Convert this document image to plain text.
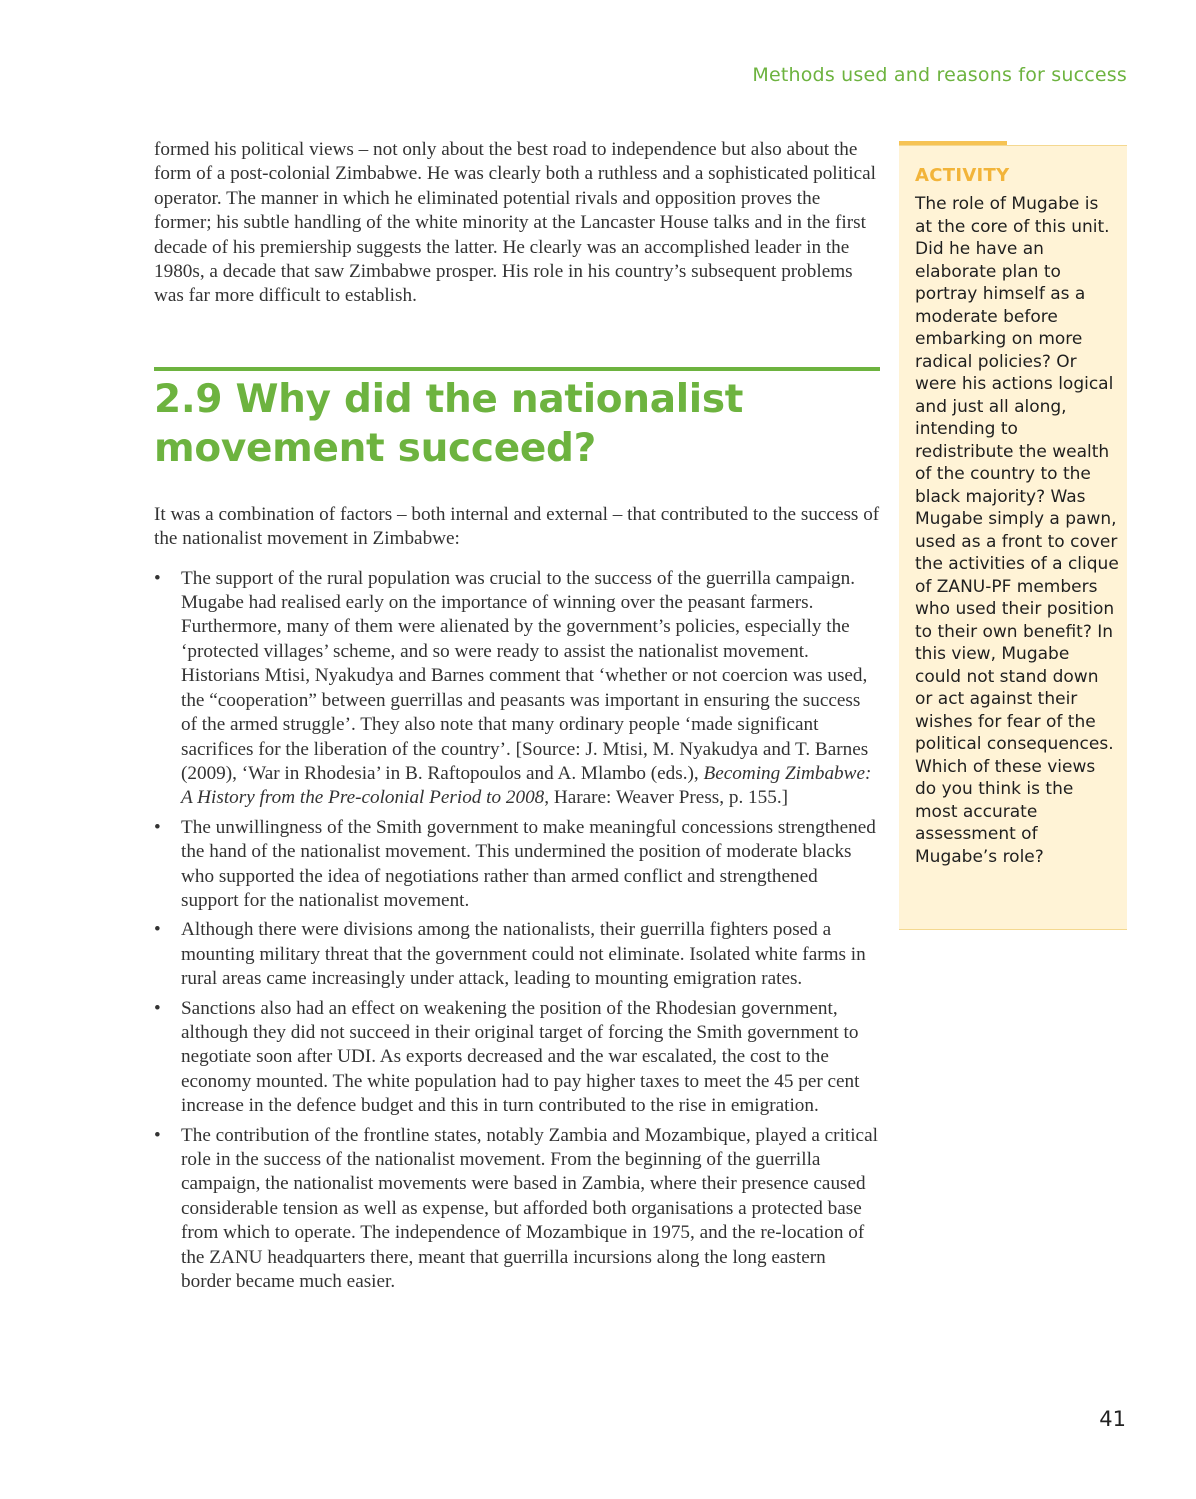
Methods used and reasons for success

formed his political views – not only about the best road to independence but also about the form of a post-colonial Zimbabwe. He was clearly both a ruthless and a sophisticated political operator. The manner in which he eliminated potential rivals and opposition proves the former; his subtle handling of the white minority at the Lancaster House talks and in the first decade of his premiership suggests the latter. He clearly was an accomplished leader in the 1980s, a decade that saw Zimbabwe prosper. His role in his country’s subsequent problems was far more difficult to establish.

2.9 Why did the nationalist
movement succeed?

It was a combination of factors – both internal and external – that contributed to the success of the nationalist movement in Zimbabwe:

• The support of the rural population was crucial to the success of the guerrilla campaign. Mugabe had realised early on the importance of winning over the peasant farmers. Furthermore, many of them were alienated by the government’s policies, especially the ‘protected villages’ scheme, and so were ready to assist the nationalist movement. Historians Mtisi, Nyakudya and Barnes comment that ‘whether or not coercion was used, the “cooperation” between guerrillas and peasants was important in ensuring the success of the armed struggle’. They also note that many ordinary people ‘made significant sacrifices for the liberation of the country’. [Source: J. Mtisi, M. Nyakudya and T. Barnes (2009), ‘War in Rhodesia’ in B. Raftopoulos and A. Mlambo (eds.), Becoming Zimbabwe: A History from the Pre-colonial Period to 2008, Harare: Weaver Press, p. 155.]
• The unwillingness of the Smith government to make meaningful concessions strengthened the hand of the nationalist movement. This undermined the position of moderate blacks who supported the idea of negotiations rather than armed conflict and strengthened support for the nationalist movement.
• Although there were divisions among the nationalists, their guerrilla fighters posed a mounting military threat that the government could not eliminate. Isolated white farms in rural areas came increasingly under attack, leading to mounting emigration rates.
• Sanctions also had an effect on weakening the position of the Rhodesian government, although they did not succeed in their original target of forcing the Smith government to negotiate soon after UDI. As exports decreased and the war escalated, the cost to the economy mounted. The white population had to pay higher taxes to meet the 45 per cent increase in the defence budget and this in turn contributed to the rise in emigration.
• The contribution of the frontline states, notably Zambia and Mozambique, played a critical role in the success of the nationalist movement. From the beginning of the guerrilla campaign, the nationalist movements were based in Zambia, where their presence caused considerable tension as well as expense, but afforded both organisations a protected base from which to operate. The independence of Mozambique in 1975, and the re-location of the ZANU headquarters there, meant that guerrilla incursions along the long eastern border became much easier.
ACTIVITY
The role of Mugabe is at the core of this unit. Did he have an elaborate plan to portray himself as a moderate before embarking on more radical policies? Or were his actions logical and just all along, intending to redistribute the wealth of the country to the black majority? Was Mugabe simply a pawn, used as a front to cover the activities of a clique of ZANU-PF members who used their position to their own benefit? In this view, Mugabe could not stand down or act against their wishes for fear of the political consequences. Which of these views do you think is the most accurate assessment of Mugabe’s role?
41
